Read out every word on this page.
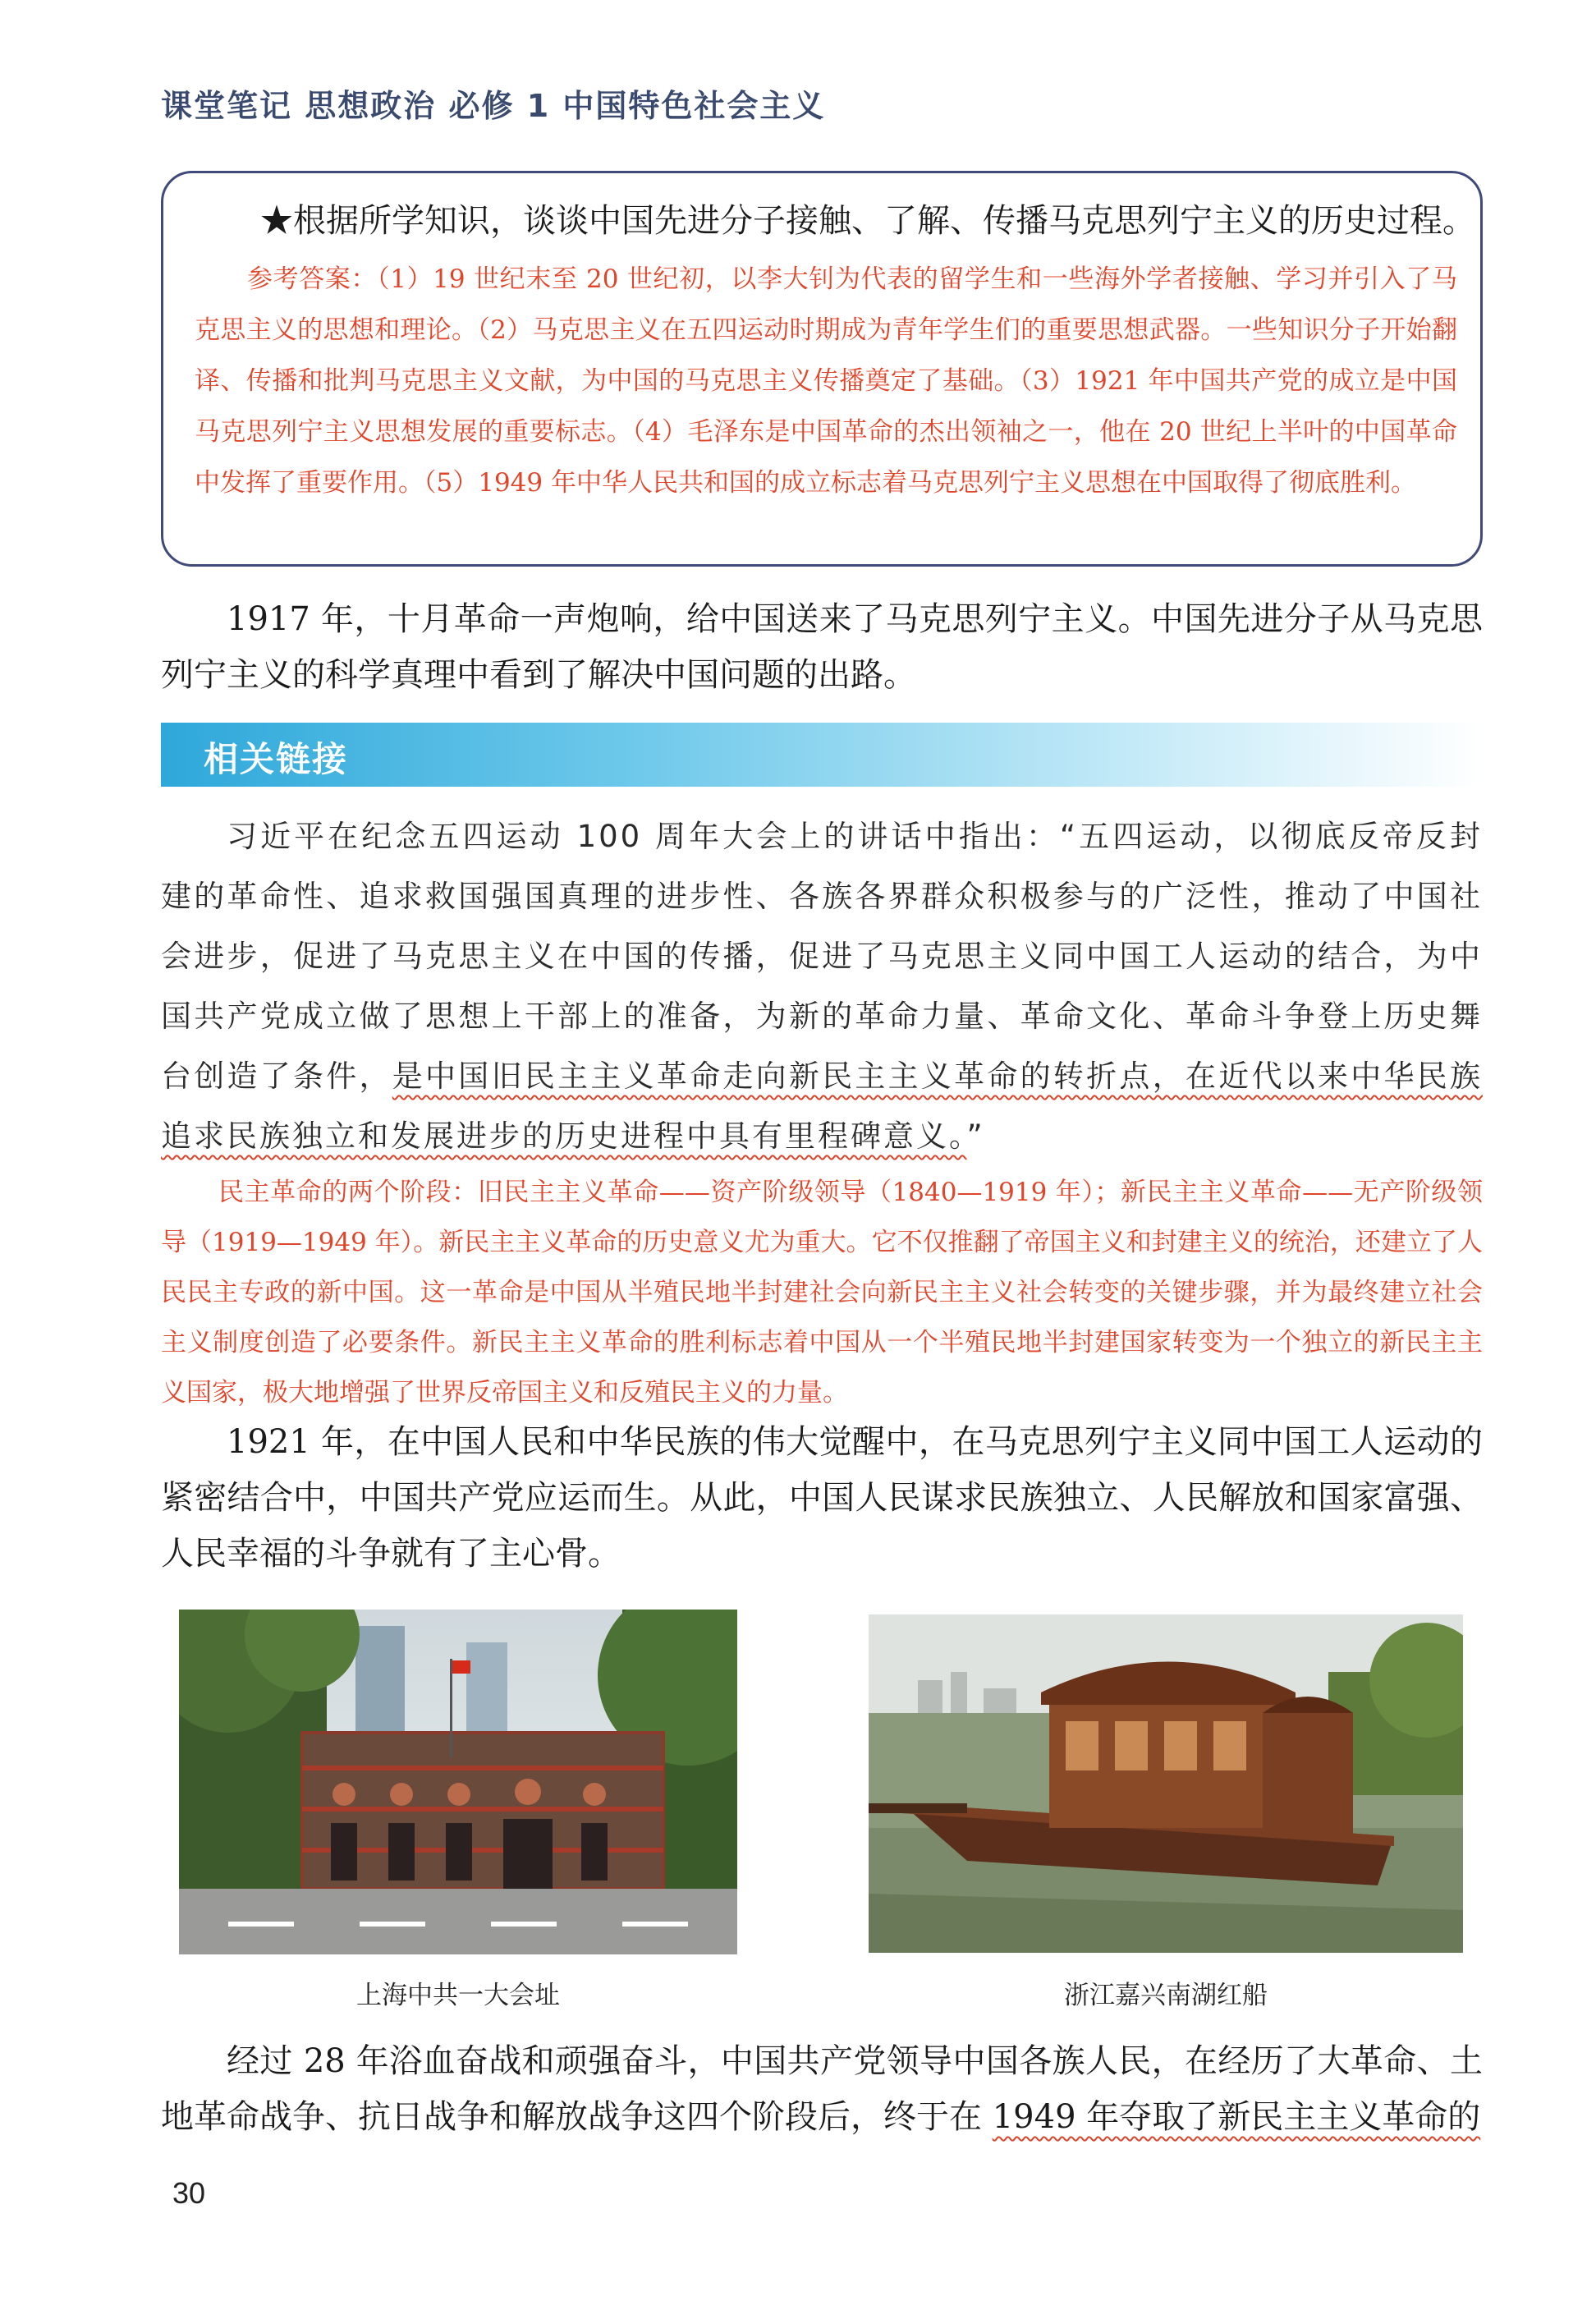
课堂笔记 思想政治 必修 1 中国特色社会主义
★根据所学知识，谈谈中国先进分子接触、了解、传播马克思列宁主义的历史过程。
参考答案：（1）19 世纪末至 20 世纪初，以李大钊为代表的留学生和一些海外学者接触、学习并引入了马克思主义的思想和理论。（2）马克思主义在五四运动时期成为青年学生们的重要思想武器。一些知识分子开始翻译、传播和批判马克思主义文献，为中国的马克思主义传播奠定了基础。（3）1921 年中国共产党的成立是中国马克思列宁主义思想发展的重要标志。（4）毛泽东是中国革命的杰出领袖之一，他在 20 世纪上半叶的中国革命中发挥了重要作用。（5）1949 年中华人民共和国的成立标志着马克思列宁主义思想在中国取得了彻底胜利。
1917 年，十月革命一声炮响，给中国送来了马克思列宁主义。中国先进分子从马克思列宁主义的科学真理中看到了解决中国问题的出路。
相关链接
习近平在纪念五四运动 100 周年大会上的讲话中指出：“五四运动，以彻底反帝反封建的革命性、追求救国强国真理的进步性、各族各界群众积极参与的广泛性，推动了中国社会进步，促进了马克思主义在中国的传播，促进了马克思主义同中国工人运动的结合，为中国共产党成立做了思想上干部上的准备，为新的革命力量、革命文化、革命斗争登上历史舞台创造了条件，是中国旧民主主义革命走向新民主主义革命的转折点，在近代以来中华民族追求民族独立和发展进步的历史进程中具有里程碑意义。”
民主革命的两个阶段：旧民主主义革命——资产阶级领导（1840—1919 年）；新民主主义革命——无产阶级领导（1919—1949 年）。新民主主义革命的历史意义尤为重大。它不仅推翻了帝国主义和封建主义的统治，还建立了人民民主专政的新中国。这一革命是中国从半殖民地半封建社会向新民主主义社会转变的关键步骤，并为最终建立社会主义制度创造了必要条件。新民主主义革命的胜利标志着中国从一个半殖民地半封建国家转变为一个独立的新民主主义国家，极大地增强了世界反帝国主义和反殖民主义的力量。
1921 年，在中国人民和中华民族的伟大觉醒中，在马克思列宁主义同中国工人运动的紧密结合中，中国共产党应运而生。从此，中国人民谋求民族独立、人民解放和国家富强、人民幸福的斗争就有了主心骨。
上海中共一大会址	浙江嘉兴南湖红船
经过 28 年浴血奋战和顽强奋斗，中国共产党领导中国各族人民，在经历了大革命、土地革命战争、抗日战争和解放战争这四个阶段后，终于在 1949 年夺取了新民主主义革命的
30
